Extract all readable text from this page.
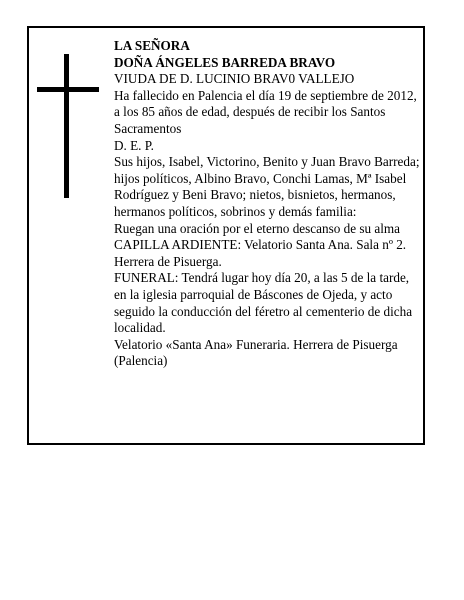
LA SEÑORA

DOÑA ÁNGELES BARREDA BRAVO

VIUDA DE D. LUCINIO BRAV0 VALLEJO

Ha fallecido en Palencia el día 19 de septiembre de 2012, a los 85 años de edad, después de recibir los Santos Sacramentos

D. E. P.

Sus hijos, Isabel, Victorino, Benito y Juan Bravo Barreda; hijos políticos, Albino Bravo, Conchi Lamas, Mª Isabel Rodríguez y Beni Bravo; nietos, bisnietos, hermanos, hermanos políticos, sobrinos y demás familia:

Ruegan una oración por el eterno descanso de su alma

CAPILLA ARDIENTE: Velatorio Santa Ana. Sala nº 2. Herrera de Pisuerga.

FUNERAL: Tendrá lugar hoy día 20, a las 5 de la tarde, en la iglesia parroquial de Báscones de Ojeda, y acto seguido la conducción del féretro al cementerio de dicha localidad.

Velatorio «Santa Ana» Funeraria. Herrera de Pisuerga (Palencia)
